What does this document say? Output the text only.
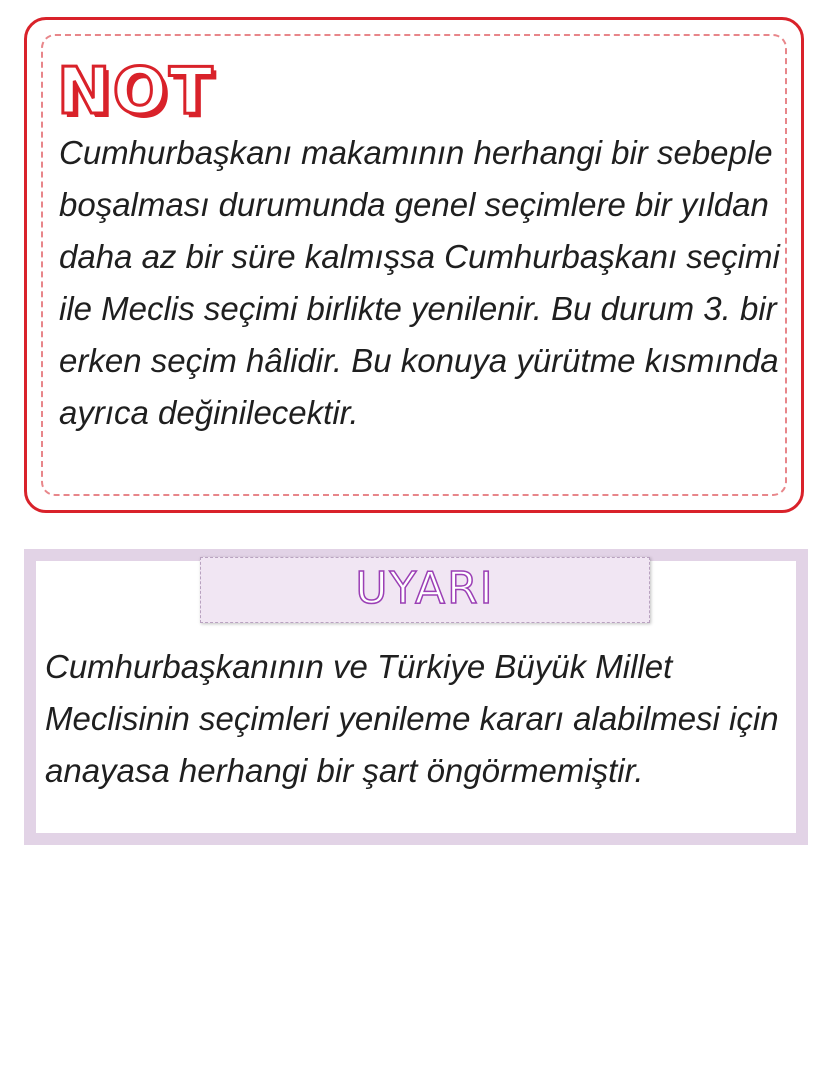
NOT

Cumhurbaşkanı makamının herhangi bir sebeple boşalması durumunda genel seçimlere bir yıldan daha az bir süre kalmışsa Cumhurbaşkanı seçimi ile Meclis seçimi birlikte yenilenir. Bu durum 3. bir erken seçim hâlidir. Bu konuya yürütme kısmında ayrıca değinilecektir.

UYARI

Cumhurbaşkanının ve Türkiye Büyük Millet Meclisinin seçimleri yenileme kararı alabilmesi için anayasa herhangi bir şart öngörmemiştir.
